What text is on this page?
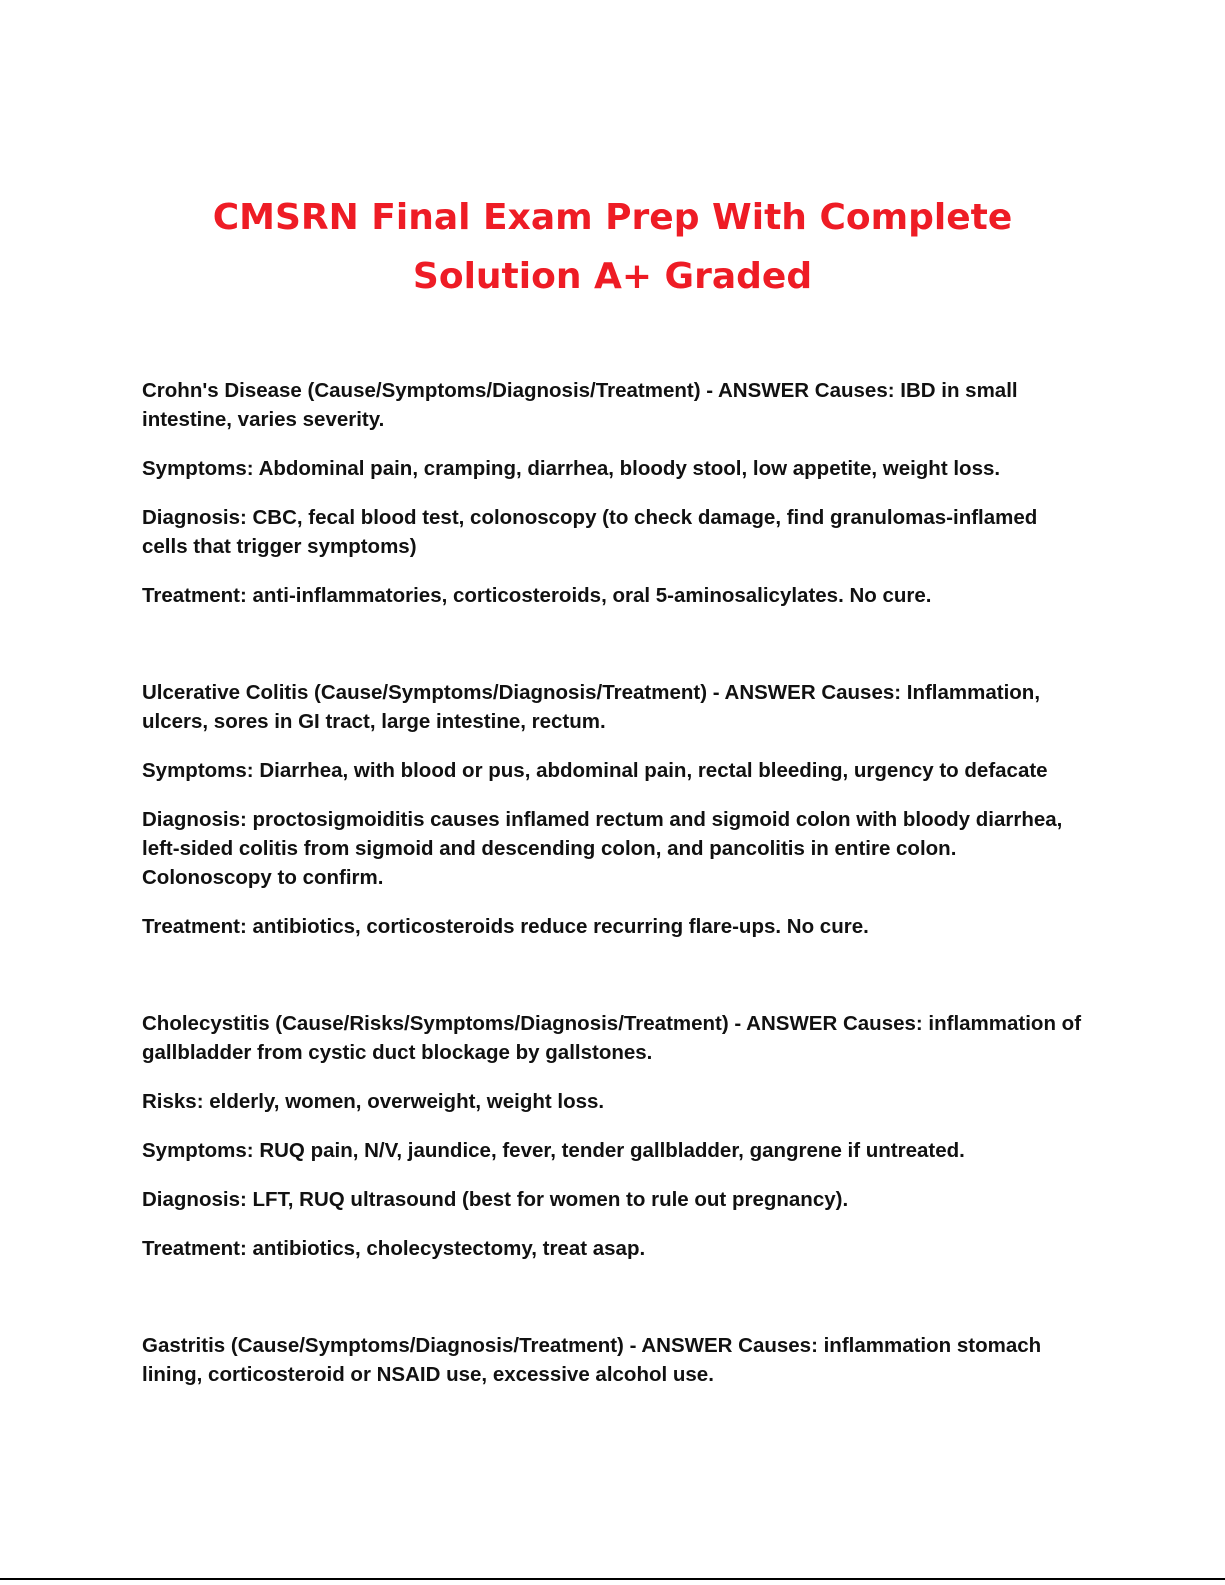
CMSRN Final Exam Prep With Complete
Solution A+ Graded

Crohn's Disease (Cause/Symptoms/Diagnosis/Treatment) - ANSWER Causes: IBD in small intestine, varies severity.

Symptoms: Abdominal pain, cramping, diarrhea, bloody stool, low appetite, weight loss.

Diagnosis: CBC, fecal blood test, colonoscopy (to check damage, find granulomas-inflamed cells that trigger symptoms)

Treatment: anti-inflammatories, corticosteroids, oral 5-aminosalicylates. No cure.

Ulcerative Colitis (Cause/Symptoms/Diagnosis/Treatment) - ANSWER Causes: Inflammation, ulcers, sores in GI tract, large intestine, rectum.

Symptoms: Diarrhea, with blood or pus, abdominal pain, rectal bleeding, urgency to defacate

Diagnosis: proctosigmoiditis causes inflamed rectum and sigmoid colon with bloody diarrhea, left-sided colitis from sigmoid and descending colon, and pancolitis in entire colon. Colonoscopy to confirm.

Treatment: antibiotics, corticosteroids reduce recurring flare-ups. No cure.

Cholecystitis (Cause/Risks/Symptoms/Diagnosis/Treatment) - ANSWER Causes: inflammation of gallbladder from cystic duct blockage by gallstones.

Risks: elderly, women, overweight, weight loss.

Symptoms: RUQ pain, N/V, jaundice, fever, tender gallbladder, gangrene if untreated.

Diagnosis: LFT, RUQ ultrasound (best for women to rule out pregnancy).

Treatment: antibiotics, cholecystectomy, treat asap.

Gastritis (Cause/Symptoms/Diagnosis/Treatment) - ANSWER Causes: inflammation stomach lining, corticosteroid or NSAID use, excessive alcohol use.
